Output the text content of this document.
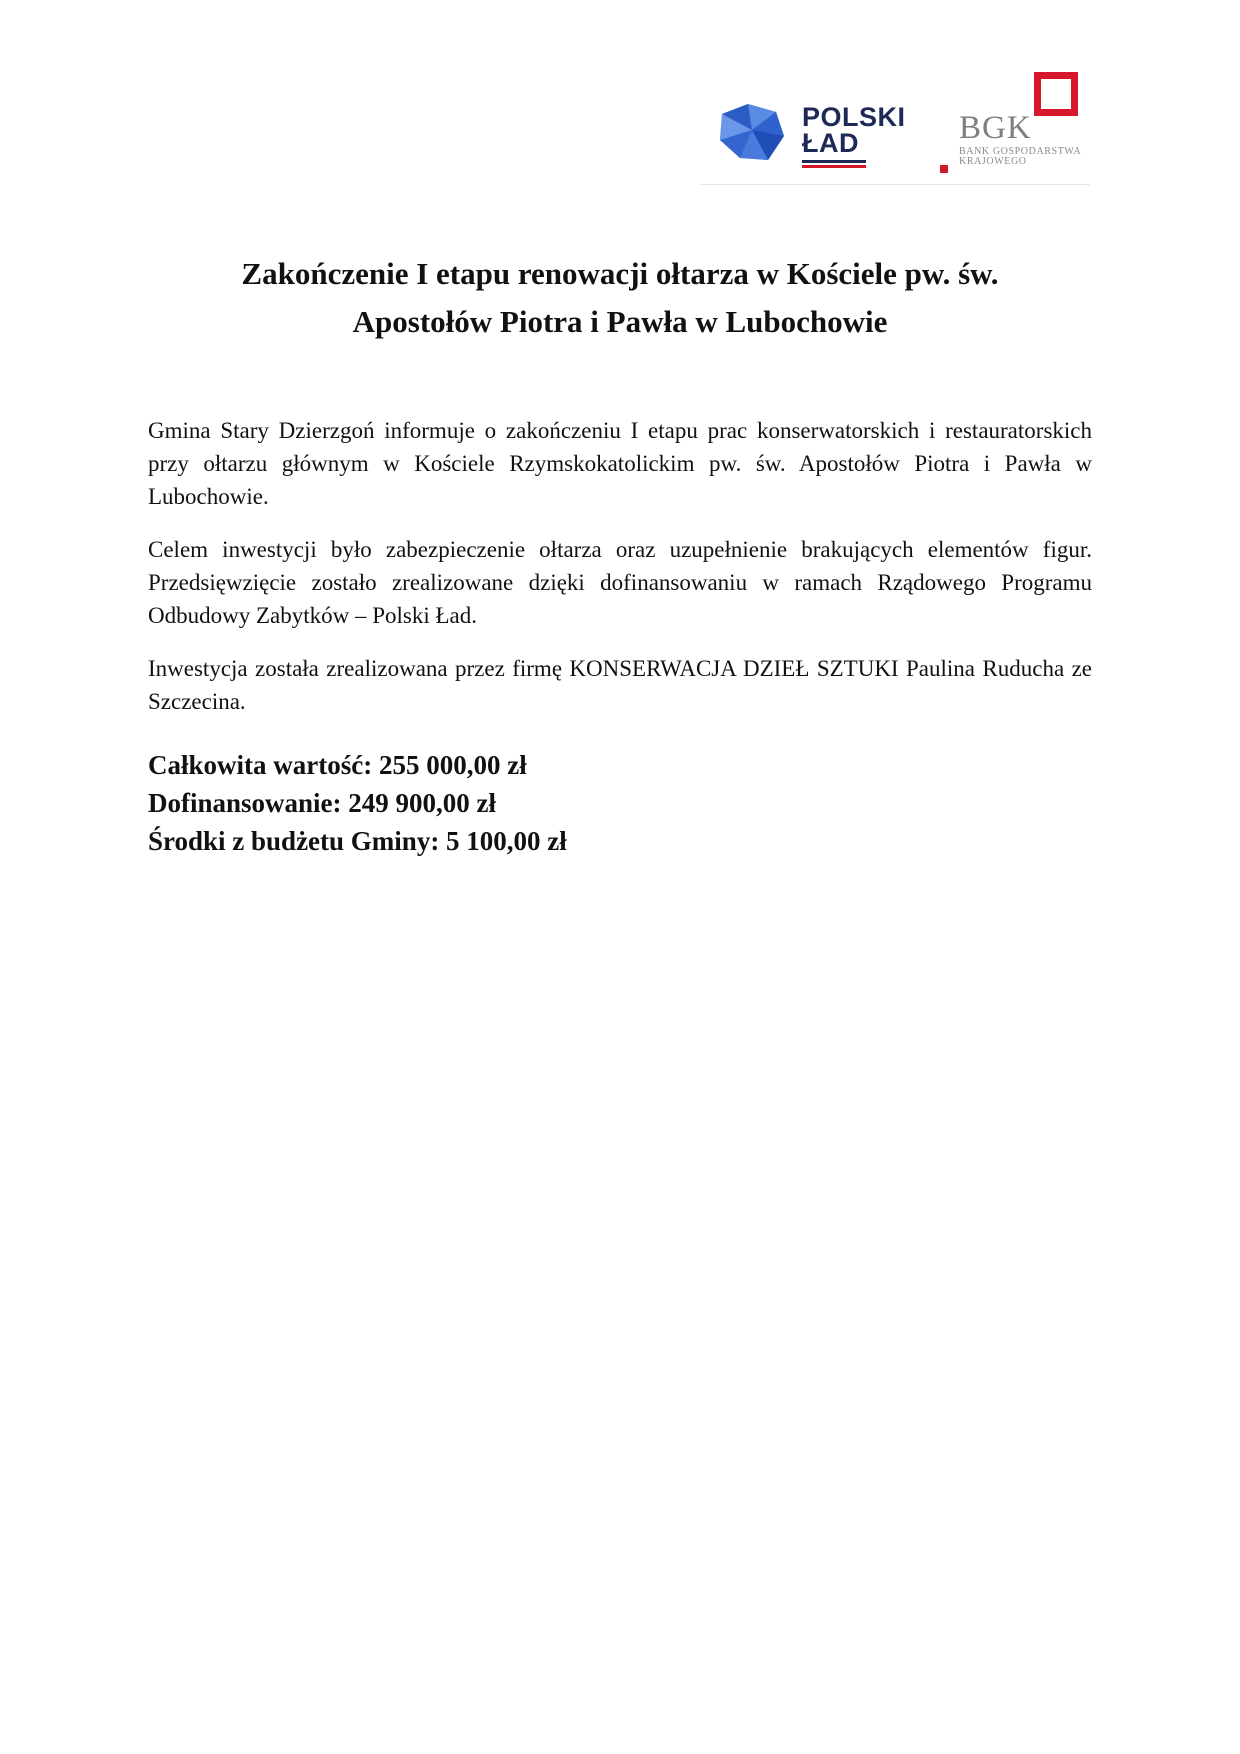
POLSKI
ŁAD	BGK
BANK GOSPODARSTWA
KRAJOWEGO
Zakończenie I etapu renowacji ołtarza w Kościele pw. św.
Apostołów Piotra i Pawła w Lubochowie

Gmina Stary Dzierzgoń informuje o zakończeniu I etapu prac konserwatorskich i restauratorskich przy ołtarzu głównym w Kościele Rzymskokatolickim pw. św. Apostołów Piotra i Pawła w Lubochowie.

Celem inwestycji było zabezpieczenie ołtarza oraz uzupełnienie brakujących elementów figur. Przedsięwzięcie zostało zrealizowane dzięki dofinansowaniu w ramach Rządowego Programu Odbudowy Zabytków – Polski Ład.

Inwestycja została zrealizowana przez firmę KONSERWACJA DZIEŁ SZTUKI Paulina Ruducha ze Szczecina.

Całkowita wartość: 255 000,00 zł
Dofinansowanie: 249 900,00 zł
Środki z budżetu Gminy: 5 100,00 zł
